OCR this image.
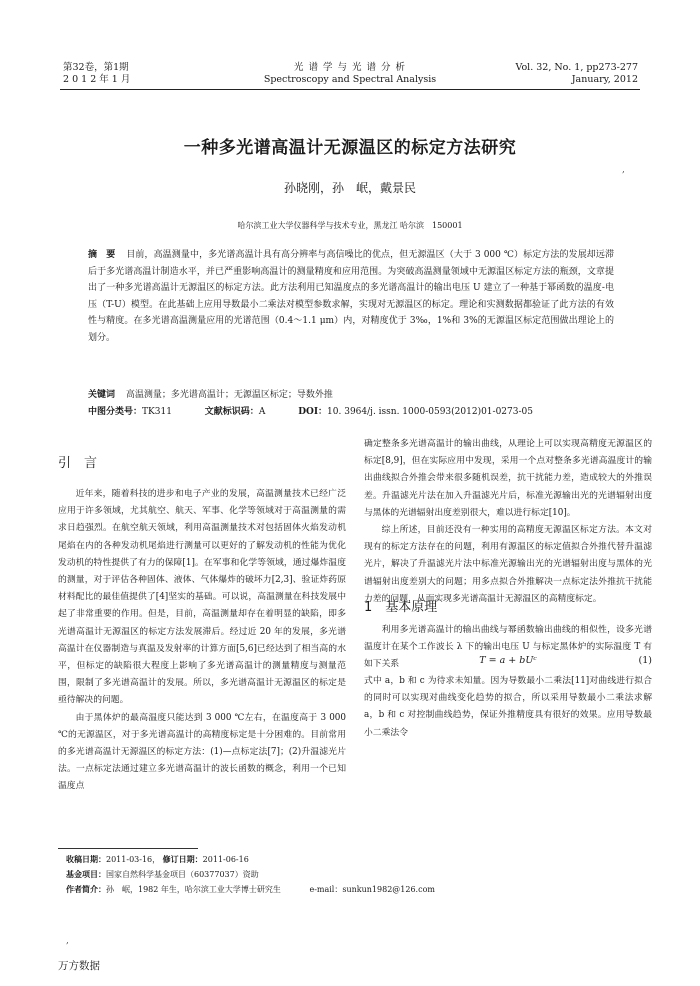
第32卷，第1期
2 0 1 2 年 1 月
光 谱 学 与 光 谱 分 析
Spectroscopy and Spectral Analysis
Vol. 32, No. 1, pp273-277
January, 2012
一种多光谱高温计无源温区的标定方法研究
,
孙晓刚，孙　岷，戴景民
哈尔滨工业大学仪器科学与技术专业，黑龙江 哈尔滨　150001
摘　要 目前，高温测量中，多光谱高温计具有高分辨率与高信噪比的优点，但无源温区（大于 3 000 ℃）标定方法的发展却远滞后于多光谱高温计制造水平，并已严重影响高温计的测量精度和应用范围。为突破高温测量领域中无源温区标定方法的瓶颈，文章提出了一种多光谱高温计无源温区的标定方法。此方法利用已知温度点的多光谱高温计的输出电压 U 建立了一种基于幂函数的温度-电压（T-U）模型。在此基础上应用导数最小二乘法对模型参数求解，实现对无源温区的标定。理论和实测数据都验证了此方法的有效性与精度。在多光谱高温测量应用的光谱范围（0.4～1.1 μm）内，对精度优于 3‰，1%和 3%的无源温区标定范围做出理论上的划分。
关键词 高温测量；多光谱高温计；无源温区标定；导数外推
中图分类号：TK311	文献标识码：A	DOI：10. 3964/j. issn. 1000-0593(2012)01-0273-05
引　言
近年来，随着科技的进步和电子产业的发展，高温测量技术已经广泛应用于许多领域，尤其航空、航天、军事、化学等领域对于高温测量的需求日趋强烈。在航空航天领域，利用高温测量技术对包括固体火焰发动机尾焰在内的各种发动机尾焰进行测量可以更好的了解发动机的性能为优化发动机的特性提供了有力的保障[1]。在军事和化学等领域，通过爆炸温度的测量，对于评估各种固体、液体、气体爆炸的破坏力[2,3]、验证炸药原材料配比的最佳值提供了[4]坚实的基础。可以说，高温测量在科技发展中起了非常重要的作用。但是，目前，高温测量却存在着明显的缺陷，即多光谱高温计无源温区的标定方法发展滞后。经过近 20 年的发展，多光谱高温计在仪器制造与真温及发射率的计算方面[5,6]已经达到了相当高的水平，但标定的缺陷很大程度上影响了多光谱高温计的测量精度与测量范围，限制了多光谱高温计的发展。所以，多光谱高温计无源温区的标定是亟待解决的问题。
由于黑体炉的最高温度只能达到 3 000 ℃左右，在温度高于 3 000 ℃的无源温区，对于多光谱高温计的高精度标定是十分困难的。目前常用的多光谱高温计无源温区的标定方法：(1)—点标定法[7]；(2)升温滤光片法。一点标定法通过建立多光谱高温计的波长函数的概念，利用一个已知温度点
确定整条多光谱高温计的输出曲线，从理论上可以实现高精度无源温区的标定[8,9]，但在实际应用中发现，采用一个点对整条多光谱高温度计的输出曲线拟合外推会带来很多随机误差，抗干扰能力差，造成较大的外推误差。升温滤光片法在加入升温滤光片后，标准光源输出光的光谱辐射出度与黑体的光谱辐射出度差别很大，难以进行标定[10]。
综上所述，目前还没有一种实用的高精度无源温区标定方法。本文对现有的标定方法存在的问题，利用有源温区的标定值拟合外推代替升温滤光片，解决了升温滤光片法中标准光源输出光的光谱辐射出度与黑体的光谱辐射出度差别大的问题；用多点拟合外推解决一点标定法外推抗干扰能力差的问题，从而实现多光谱高温计无源温区的高精度标定。
1　基本原理
利用多光谱高温计的输出曲线与幂函数输出曲线的相似性，设多光谱温度计在某个工作波长 λ 下的输出电压 U 与标定黑体炉的实际温度 T 有如下关系	T = a + bUᶜ	(1)
式中 a，b 和 c 为待求未知量。因为导数最小二乘法[11]对曲线进行拟合的同时可以实现对曲线变化趋势的拟合，所以采用导数最小二乘法求解 a，b 和 c 对控制曲线趋势，保证外推精度具有很好的效果。应用导数最小二乘法令
收稿日期：2011-03-16， 修订日期：2011-06-16
基金项目：国家自然科学基金项目（60377037）资助
作者简介：孙　岷，1982 年生，哈尔滨工业大学博士研究生	e-mail：sunkun1982@126.com
,
万方数据
